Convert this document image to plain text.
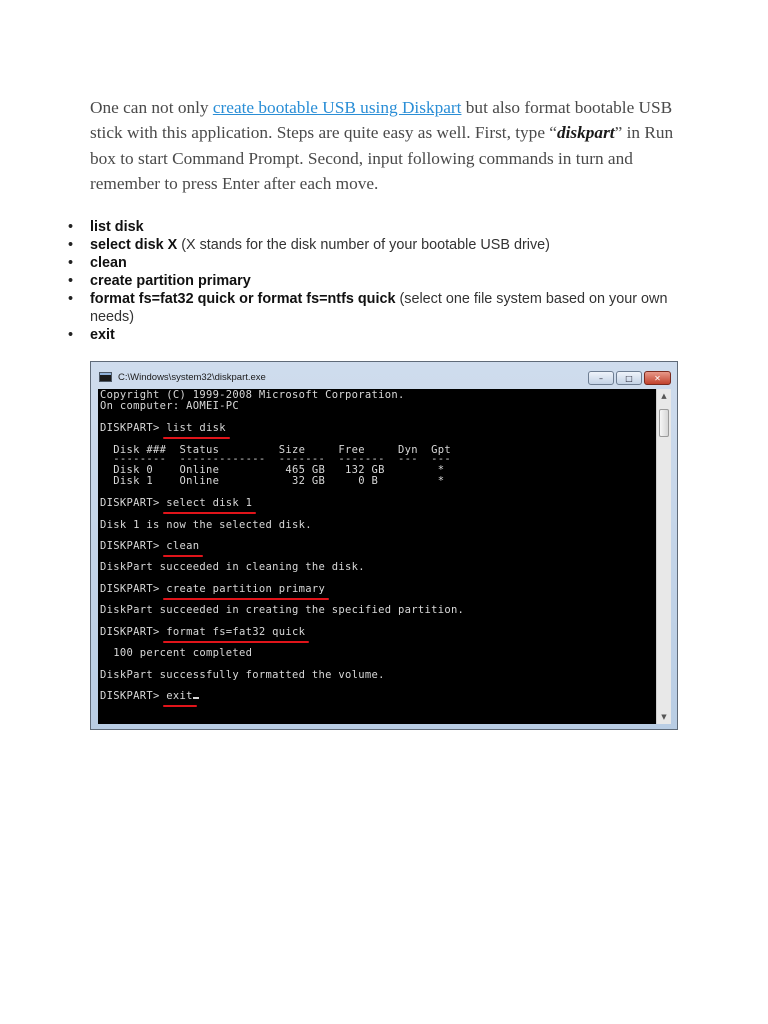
One can not only create bootable USB using Diskpart but also format bootable USB stick with this application. Steps are quite easy as well. First, type “diskpart” in Run box to start Command Prompt. Second, input following commands in turn and remember to press Enter after each move.

• list disk
• select disk X (X stands for the disk number of your bootable USB drive)
• clean
• create partition primary
• format fs=fat32 quick or format fs=ntfs quick (select one file system based on your own needs)
• exit
C:\Windows\system32\diskpart.exe	–	□	✕
Copyright (C) 1999-2008 Microsoft Corporation.
On computer: AOMEI-PC
DISKPART> list disk
Disk ###  Status         Size     Free     Dyn  Gpt
--------  -------------  -------  -------  ---  ---
Disk 0    Online          465 GB   132 GB        *
Disk 1    Online           32 GB     0 B         *
DISKPART> select disk 1
Disk 1 is now the selected disk.
DISKPART> clean
DiskPart succeeded in cleaning the disk.
DISKPART> create partition primary
DiskPart succeeded in creating the specified partition.
DISKPART> format fs=fat32 quick
100 percent completed
DiskPart successfully formatted the volume.
DISKPART> exit
▲
▼
